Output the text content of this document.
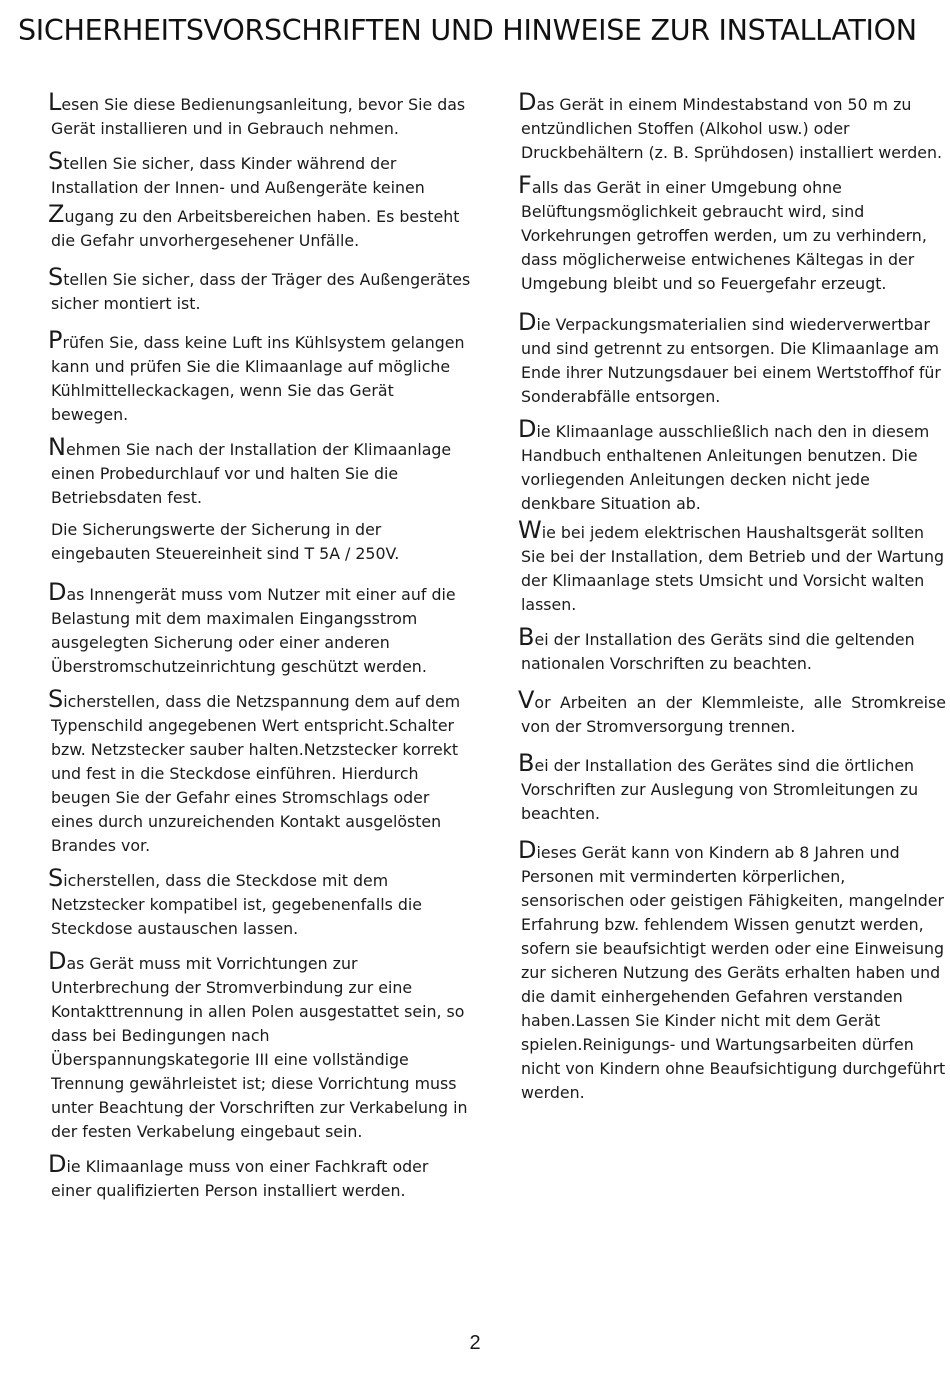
SICHERHEITSVORSCHRIFTEN UND HINWEISE ZUR INSTALLATION

Lesen Sie diese Bedienungsanleitung, bevor Sie das Gerät installieren und in Gebrauch nehmen.

Stellen Sie sicher, dass Kinder während der Installation der Innen- und Außengeräte keinen

Zugang zu den Arbeitsbereichen haben. Es besteht die Gefahr unvorhergesehener Unfälle.

Stellen Sie sicher, dass der Träger des Außengerätes sicher montiert ist.

Prüfen Sie, dass keine Luft ins Kühlsystem gelangen kann und prüfen Sie die Klimaanlage auf mögliche Kühlmittelleckackagen, wenn Sie das Gerät bewegen.

Nehmen Sie nach der Installation der Klimaanlage einen Probedurchlauf vor und halten Sie die Betriebsdaten fest.

Die Sicherungswerte der Sicherung in der eingebauten Steuereinheit sind T 5A / 250V.

Das Innengerät muss vom Nutzer mit einer auf die Belastung mit dem maximalen Eingangsstrom ausgelegten Sicherung oder einer anderen Überstromschutzeinrichtung geschützt werden.

Sicherstellen, dass die Netzspannung dem auf dem Typenschild angegebenen Wert entspricht.Schalter bzw. Netzstecker sauber halten.Netzstecker korrekt und fest in die Steckdose einführen. Hierdurch beugen Sie der Gefahr eines Stromschlags oder eines durch unzureichenden Kontakt ausgelösten Brandes vor.

Sicherstellen, dass die Steckdose mit dem Netzstecker kompatibel ist, gegebenenfalls die Steckdose austauschen lassen.

Das Gerät muss mit Vorrichtungen zur Unterbrechung der Stromverbindung zur eine Kontakttrennung in allen Polen ausgestattet sein, so dass bei Bedingungen nach Überspannungskategorie III eine vollständige Trennung gewährleistet ist; diese Vorrichtung muss unter Beachtung der Vorschriften zur Verkabelung in der festen Verkabelung eingebaut sein.

Die Klimaanlage muss von einer Fachkraft oder einer qualifizierten Person installiert werden.

Das Gerät in einem Mindestabstand von 50 m zu entzündlichen Stoffen (Alkohol usw.) oder Druckbehältern (z. B. Sprühdosen) installiert werden.

Falls das Gerät in einer Umgebung ohne Belüftungsmöglichkeit gebraucht wird, sind Vorkehrungen getroffen werden, um zu verhindern, dass möglicherweise entwichenes Kältegas in der Umgebung bleibt und so Feuergefahr erzeugt.

Die Verpackungsmaterialien sind wiederverwertbar und sind getrennt zu entsorgen. Die Klimaanlage am Ende ihrer Nutzungsdauer bei einem Wertstoffhof für Sonderabfälle entsorgen.

Die Klimaanlage ausschließlich nach den in diesem Handbuch enthaltenen Anleitungen benutzen. Die vorliegenden Anleitungen decken nicht jede denkbare Situation ab.

Wie bei jedem elektrischen Haushaltsgerät sollten Sie bei der Installation, dem Betrieb und der Wartung der Klimaanlage stets Umsicht und Vorsicht walten lassen.

Bei der Installation des Geräts sind die geltenden nationalen Vorschriften zu beachten.

Vor Arbeiten an der Klemmleiste, alle Stromkreise von der Stromversorgung trennen.

Bei der Installation des Gerätes sind die örtlichen Vorschriften zur Auslegung von Stromleitungen zu beachten.

Dieses Gerät kann von Kindern ab 8 Jahren und Personen mit verminderten körperlichen, sensorischen oder geistigen Fähigkeiten, mangelnder Erfahrung bzw. fehlendem Wissen genutzt werden, sofern sie beaufsichtigt werden oder eine Einweisung zur sicheren Nutzung des Geräts erhalten haben und die damit einhergehenden Gefahren verstanden haben.Lassen Sie Kinder nicht mit dem Gerät spielen.Reinigungs- und Wartungsarbeiten dürfen nicht von Kindern ohne Beaufsichtigung durchgeführt werden.

2
